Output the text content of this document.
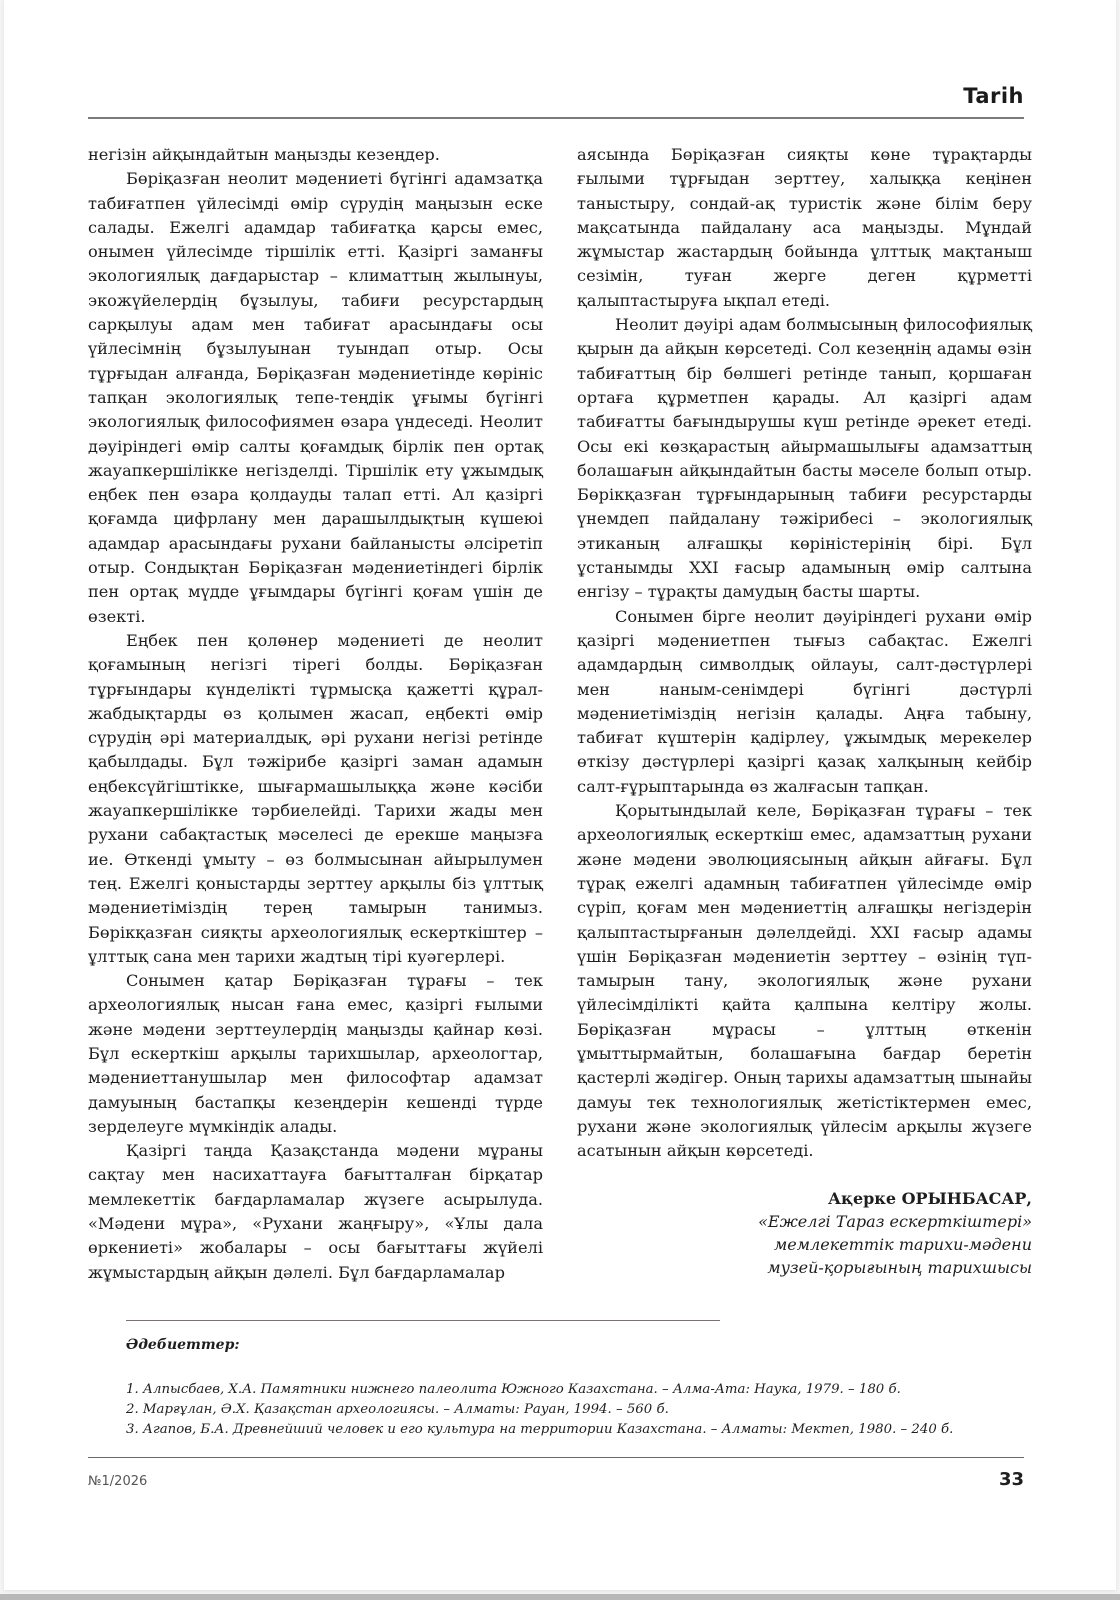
Tarih

негізін айқындайтын маңызды кезеңдер.

Бөріқазған неолит мәдениеті бүгінгі адамзатқа табиғатпен үйлесімді өмір сүрудің маңызын еске салады. Ежелгі адамдар табиғатқа қарсы емес, онымен үйлесімде тіршілік етті. Қазіргі заманғы экологиялық дағдарыстар – климаттың жылынуы, экожүйелердің бұзылуы, табиғи ресурстардың сарқылуы адам мен табиғат арасындағы осы үйлесімнің бұзылуынан туындап отыр. Осы тұрғыдан алғанда, Бөріқазған мәдениетінде көрініс тапқан экологиялық тепе-теңдік ұғымы бүгінгі экологиялық философиямен өзара үндеседі. Неолит дәуіріндегі өмір салты қоғамдық бірлік пен ортақ жауапкершілікке негізделді. Тіршілік ету ұжымдық еңбек пен өзара қолдауды талап етті. Ал қазіргі қоғамда цифрлану мен дарашылдықтың күшеюі адамдар арасындағы рухани байланысты әлсіретіп отыр. Сондықтан Бөріқазған мәдениетіндегі бірлік пен ортақ мүдде ұғымдары бүгінгі қоғам үшін де өзекті.

Еңбек пен қолөнер мәдениеті де неолит қоғамының негізгі тірегі болды. Бөріқазған тұрғындары күнделікті тұрмысқа қажетті құрал-жабдықтарды өз қолымен жасап, еңбекті өмір сүрудің әрі материалдық, әрі рухани негізі ретінде қабылдады. Бұл тәжірибе қазіргі заман адамын еңбексүйгіштікке, шығармашылыққа және кәсіби жауапкершілікке тәрбиелейді. Тарихи жады мен рухани сабақтастық мәселесі де ерекше маңызға ие. Өткенді ұмыту – өз болмысынан айырылумен тең. Ежелгі қоныстарды зерттеу арқылы біз ұлттық мәдениетіміздің терең тамырын танимыз. Бөрікқазған сияқты археологиялық ескерткіштер – ұлттық сана мен тарихи жадтың тірі куәгерлері.

Сонымен қатар Бөріқазған тұрағы – тек археологиялық нысан ғана емес, қазіргі ғылыми және мәдени зерттеулердің маңызды қайнар көзі. Бұл ескерткіш арқылы тарихшылар, археологтар, мәдениеттанушылар мен философтар адамзат дамуының бастапқы кезеңдерін кешенді түрде зерделеуге мүмкіндік алады.

Қазіргі таңда Қазақстанда мәдени мұраны сақтау мен насихаттауға бағытталған бірқатар мемлекеттік бағдарламалар жүзеге асырылуда. «Мәдени мұра», «Рухани жаңғыру», «Ұлы дала өркениеті» жобалары – осы бағыттағы жүйелі жұмыстардың айқын дәлелі. Бұл бағдарламалар

аясында Бөріқазған сияқты көне тұрақтарды ғылыми тұрғыдан зерттеу, халыққа кеңінен таныстыру, сондай-ақ туристік және білім беру мақсатында пайдалану аса маңызды. Мұндай жұмыстар жастардың бойында ұлттық мақтаныш сезімін, туған жерге деген құрметті қалыптастыруға ықпал етеді.

Неолит дәуірі адам болмысының философиялық қырын да айқын көрсетеді. Сол кезеңнің адамы өзін табиғаттың бір бөлшегі ретінде танып, қоршаған ортаға құрметпен қарады. Ал қазіргі адам табиғатты бағындырушы күш ретінде әрекет етеді. Осы екі көзқарастың айырмашылығы адамзаттың болашағын айқындайтын басты мәселе болып отыр. Бөрікқазған тұрғындарының табиғи ресурстарды үнемдеп пайдалану тәжірибесі – экологиялық этиканың алғашқы көріністерінің бірі. Бұл ұстанымды XXI ғасыр адамының өмір салтына енгізу – тұрақты дамудың басты шарты.

Сонымен бірге неолит дәуіріндегі рухани өмір қазіргі мәдениетпен тығыз сабақтас. Ежелгі адамдардың символдық ойлауы, салт-дәстүрлері мен наным-сенімдері бүгінгі дәстүрлі мәдениетіміздің негізін қалады. Аңға табыну, табиғат күштерін қадірлеу, ұжымдық мерекелер өткізу дәстүрлері қазіргі қазақ халқының кейбір салт-ғұрыптарында өз жалғасын тапқан.

Қорытындылай келе, Бөріқазған тұрағы – тек археологиялық ескерткіш емес, адамзаттың рухани және мәдени эволюциясының айқын айғағы. Бұл тұрақ ежелгі адамның табиғатпен үйлесімде өмір сүріп, қоғам мен мәдениеттің алғашқы негіздерін қалыптастырғанын дәлелдейді. XXI ғасыр адамы үшін Бөріқазған мәдениетін зерттеу – өзінің түп-тамырын тану, экологиялық және рухани үйлесімділікті қайта қалпына келтіру жолы. Бөріқазған мұрасы – ұлттың өткенін ұмыттырмайтын, болашағына бағдар беретін қастерлі жәдігер. Оның тарихы адамзаттың шынайы дамуы тек технологиялық жетістіктермен емес, рухани және экологиялық үйлесім арқылы жүзеге асатынын айқын көрсетеді.

Ақерке ОРЫНБАСАР,
«Ежелгі Тараз ескерткіштері»
мемлекеттік тарихи-мәдени
музей-қорығының тарихшысы
Әдебиеттер:
1. Алпысбаев, Х.А. Памятники нижнего палеолита Южного Казахстана. – Алма-Ата: Наука, 1979. – 180 б.
2. Марғұлан, Ә.Х. Қазақстан археологиясы. – Алматы: Рауан, 1994. – 560 б.
3. Агапов, Б.А. Древнейший человек и его культура на территории Казахстана. – Алматы: Мектеп, 1980. – 240 б.
№1/2026	33
